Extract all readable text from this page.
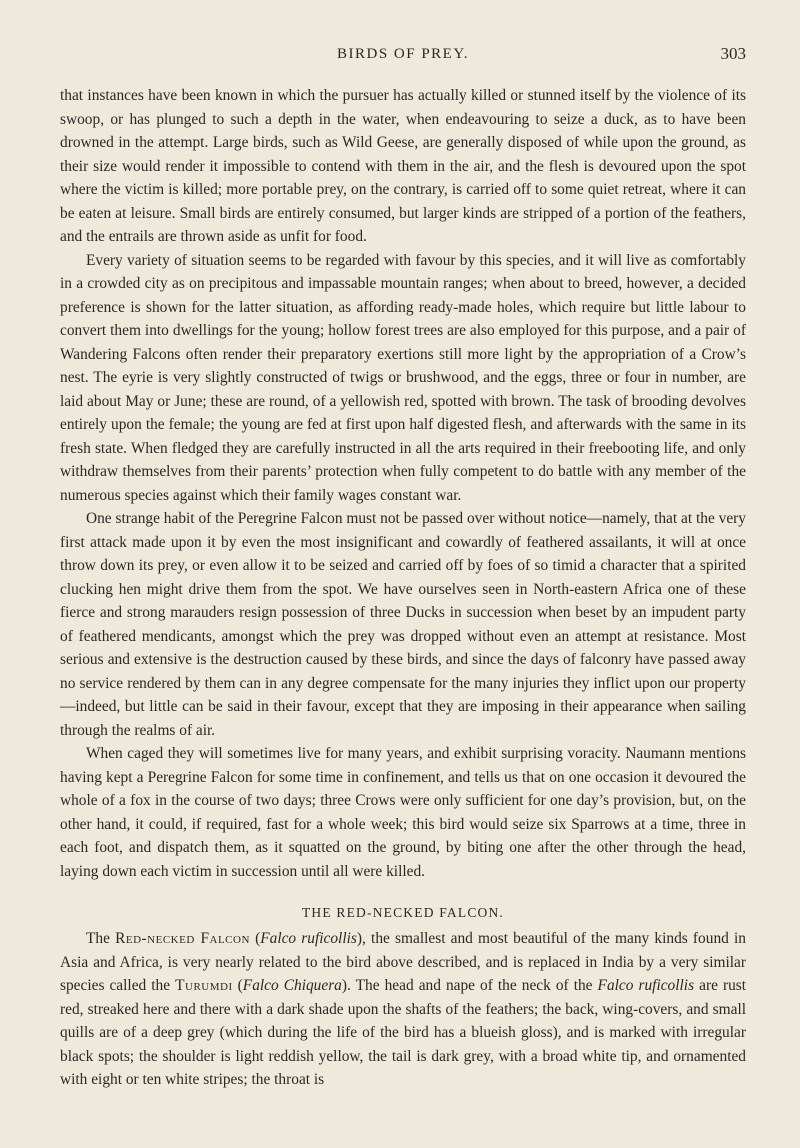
BIRDS OF PREY.	303

that instances have been known in which the pursuer has actually killed or stunned itself by the violence of its swoop, or has plunged to such a depth in the water, when endeavouring to seize a duck, as to have been drowned in the attempt. Large birds, such as Wild Geese, are generally disposed of while upon the ground, as their size would render it impossible to contend with them in the air, and the flesh is devoured upon the spot where the victim is killed; more portable prey, on the contrary, is carried off to some quiet retreat, where it can be eaten at leisure. Small birds are entirely consumed, but larger kinds are stripped of a portion of the feathers, and the entrails are thrown aside as unfit for food.

Every variety of situation seems to be regarded with favour by this species, and it will live as comfortably in a crowded city as on precipitous and impassable mountain ranges; when about to breed, however, a decided preference is shown for the latter situation, as affording ready-made holes, which require but little labour to convert them into dwellings for the young; hollow forest trees are also employed for this purpose, and a pair of Wandering Falcons often render their preparatory exertions still more light by the appropriation of a Crow’s nest. The eyrie is very slightly constructed of twigs or brushwood, and the eggs, three or four in number, are laid about May or June; these are round, of a yellowish red, spotted with brown. The task of brooding devolves entirely upon the female; the young are fed at first upon half digested flesh, and afterwards with the same in its fresh state. When fledged they are carefully instructed in all the arts required in their freebooting life, and only withdraw themselves from their parents’ protection when fully competent to do battle with any member of the numerous species against which their family wages constant war.

One strange habit of the Peregrine Falcon must not be passed over without notice—namely, that at the very first attack made upon it by even the most insignificant and cowardly of feathered assailants, it will at once throw down its prey, or even allow it to be seized and carried off by foes of so timid a character that a spirited clucking hen might drive them from the spot. We have ourselves seen in North-eastern Africa one of these fierce and strong marauders resign possession of three Ducks in succession when beset by an impudent party of feathered mendicants, amongst which the prey was dropped without even an attempt at resistance. Most serious and extensive is the destruction caused by these birds, and since the days of falconry have passed away no service rendered by them can in any degree compensate for the many injuries they inflict upon our property—indeed, but little can be said in their favour, except that they are imposing in their appearance when sailing through the realms of air.

When caged they will sometimes live for many years, and exhibit surprising voracity. Naumann mentions having kept a Peregrine Falcon for some time in confinement, and tells us that on one occasion it devoured the whole of a fox in the course of two days; three Crows were only sufficient for one day’s provision, but, on the other hand, it could, if required, fast for a whole week; this bird would seize six Sparrows at a time, three in each foot, and dispatch them, as it squatted on the ground, by biting one after the other through the head, laying down each victim in succession until all were killed.

THE RED-NECKED FALCON.

The Red-necked Falcon (Falco ruficollis), the smallest and most beautiful of the many kinds found in Asia and Africa, is very nearly related to the bird above described, and is replaced in India by a very similar species called the Turumdi (Falco Chiquera). The head and nape of the neck of the Falco ruficollis are rust red, streaked here and there with a dark shade upon the shafts of the feathers; the back, wing-covers, and small quills are of a deep grey (which during the life of the bird has a blueish gloss), and is marked with irregular black spots; the shoulder is light reddish yellow, the tail is dark grey, with a broad white tip, and ornamented with eight or ten white stripes; the throat is
